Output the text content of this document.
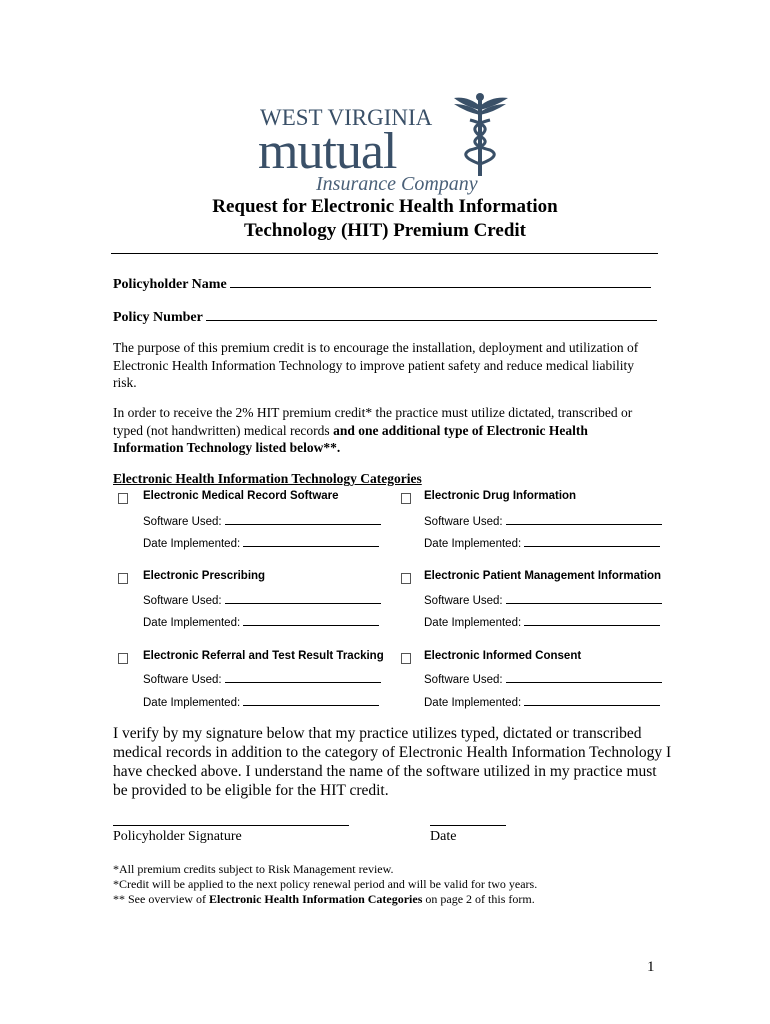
WEST VIRGINIA
mutual
Insurance Company
Request for Electronic Health Information
Technology (HIT) Premium Credit
Policyholder Name
Policy Number
The purpose of this premium credit is to encourage the installation, deployment and utilization of Electronic Health Information Technology to improve patient safety and reduce medical liability risk.
In order to receive the 2% HIT premium credit* the practice must utilize dictated, transcribed or typed (not handwritten) medical records and one additional type of Electronic Health Information Technology listed below**.
Electronic Health Information Technology Categories
Electronic Medical Record Software	Electronic Drug Information
Software Used:	Software Used:
Date Implemented:	Date Implemented:
Electronic Prescribing	Electronic Patient Management Information
Software Used:	Software Used:
Date Implemented:	Date Implemented:
Electronic Referral and Test Result Tracking	Electronic Informed Consent
Software Used:	Software Used:
Date Implemented:	Date Implemented:
I verify by my signature below that my practice utilizes typed, dictated or transcribed medical records in addition to the category of Electronic Health Information Technology I have checked above. I understand the name of the software utilized in my practice must be provided to be eligible for the HIT credit.
Policyholder Signature	Date
*All premium credits subject to Risk Management review.
*Credit will be applied to the next policy renewal period and will be valid for two years.
** See overview of Electronic Health Information Categories on page 2 of this form.
1
